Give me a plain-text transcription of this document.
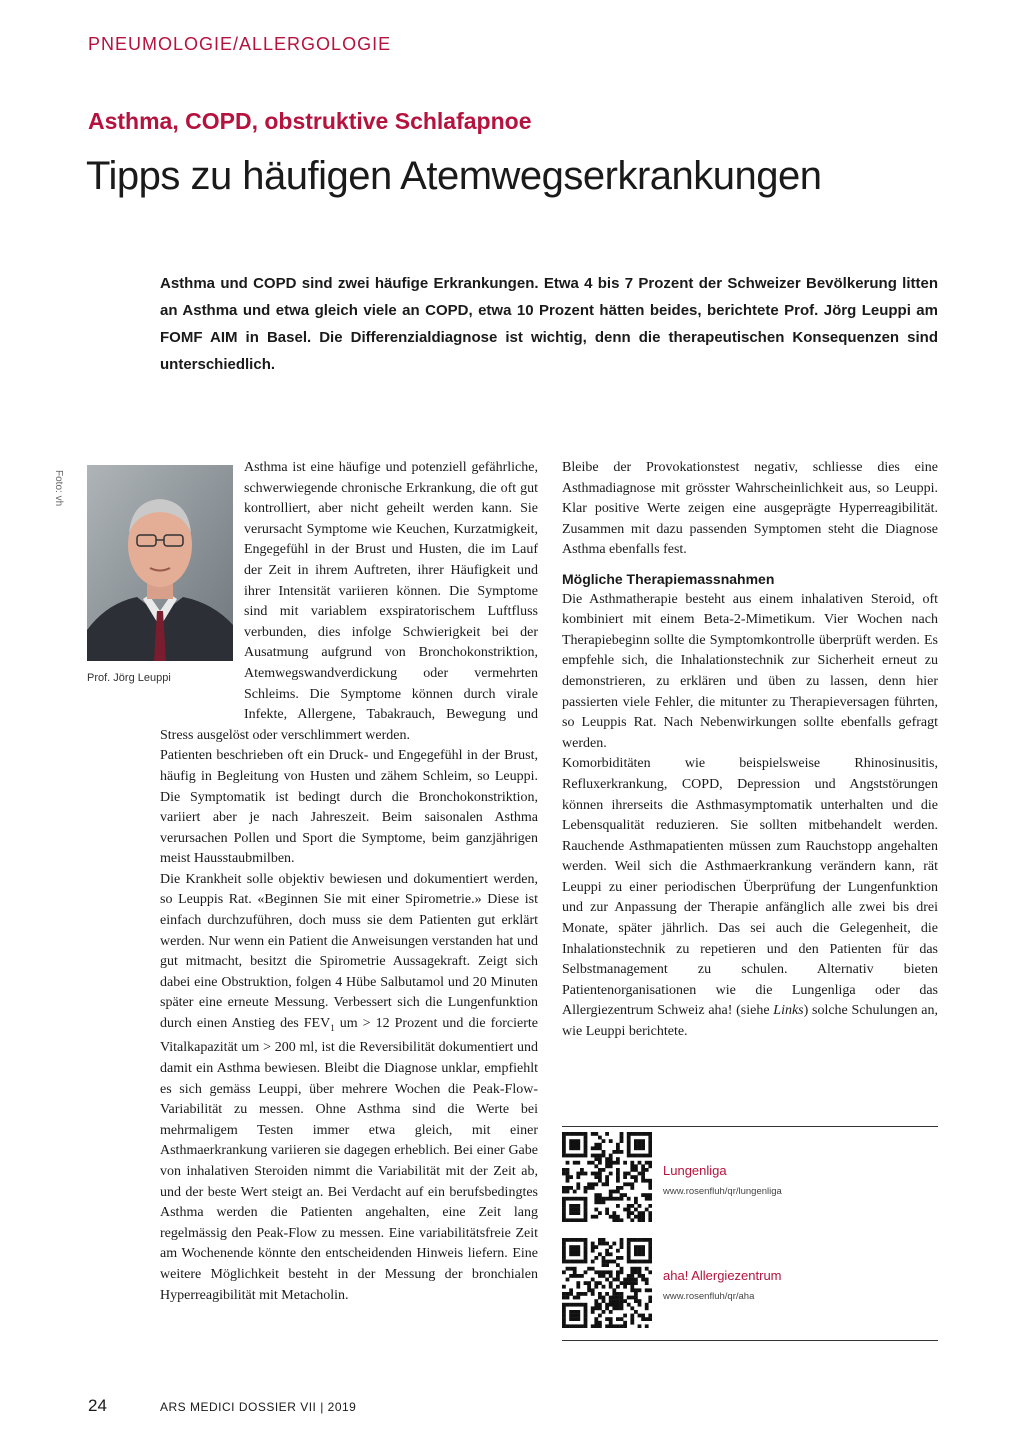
PNEUMOLOGIE/ALLERGOLOGIE
Asthma, COPD, obstruktive Schlafapnoe
Tipps zu häufigen Atemwegserkrankungen

Asthma und COPD sind zwei häufige Erkrankungen. Etwa 4 bis 7 Prozent der Schweizer Bevölkerung litten an Asthma und etwa gleich viele an COPD, etwa 10 Prozent hätten beides, berichtete Prof. Jörg Leuppi am FOMF AIM in Basel. Die Differenzialdiagnose ist wichtig, denn die therapeutischen Konsequenzen sind unterschiedlich.

Foto: vh
Prof. Jörg Leuppi

Asthma ist eine häufige und potenziell gefährliche, schwerwiegende chronische Erkrankung, die oft gut kontrolliert, aber nicht geheilt werden kann. Sie verursacht Symptome wie Keuchen, Kurzatmigkeit, Engegefühl in der Brust und Husten, die im Lauf der Zeit in ihrem Auftreten, ihrer Häufigkeit und ihrer Intensität variieren können. Die Symptome sind mit variablem exspiratorischem Luftfluss verbunden, dies infolge Schwierigkeit bei der Ausatmung aufgrund von Bronchokonstriktion, Atemwegswandverdickung oder vermehrten Schleims. Die Symptome können durch virale Infekte, Allergene, Tabakrauch, Bewegung und Stress ausgelöst oder verschlimmert werden.

Patienten beschrieben oft ein Druck- und Engegefühl in der Brust, häufig in Begleitung von Husten und zähem Schleim, so Leuppi. Die Symptomatik ist bedingt durch die Bronchokonstriktion, variiert aber je nach Jahreszeit. Beim saisonalen Asthma verursachen Pollen und Sport die Symptome, beim ganzjährigen meist Hausstaubmilben.

Die Krankheit solle objektiv bewiesen und dokumentiert werden, so Leuppis Rat. «Beginnen Sie mit einer Spirometrie.» Diese ist einfach durchzuführen, doch muss sie dem Patienten gut erklärt werden. Nur wenn ein Patient die Anweisungen verstanden hat und gut mitmacht, besitzt die Spirometrie Aussagekraft. Zeigt sich dabei eine Obstruktion, folgen 4 Hübe Salbutamol und 20 Minuten später eine erneute Messung. Verbessert sich die Lungenfunktion durch einen Anstieg des $FEV_1$ um > 12 Prozent und die forcierte Vitalkapazität um > 200 ml, ist die Reversibilität dokumentiert und damit ein Asthma bewiesen. Bleibt die Diagnose unklar, empfiehlt es sich gemäss Leuppi, über mehrere Wochen die Peak-Flow-Variabilität zu messen. Ohne Asthma sind die Werte bei mehrmaligem Testen immer etwa gleich, mit einer Asthmaerkrankung variieren sie dagegen erheblich. Bei einer Gabe von inhalativen Steroiden nimmt die Variabilität mit der Zeit ab, und der beste Wert steigt an. Bei Verdacht auf ein berufsbedingtes Asthma werden die Patienten angehalten, eine Zeit lang regelmässig den Peak-Flow zu messen. Eine variabilitätsfreie Zeit am Wochenende könnte den entscheidenden Hinweis liefern. Eine weitere Möglichkeit besteht in der Messung der bronchialen Hyperreagibilität mit Metacholin.

Bleibe der Provokationstest negativ, schliesse dies eine Asthmadiagnose mit grösster Wahrscheinlichkeit aus, so Leuppi. Klar positive Werte zeigen eine ausgeprägte Hyperreagibilität. Zusammen mit dazu passenden Symptomen steht die Diagnose Asthma ebenfalls fest.

Mögliche Therapiemassnahmen

Die Asthmatherapie besteht aus einem inhalativen Steroid, oft kombiniert mit einem Beta-2-Mimetikum. Vier Wochen nach Therapiebeginn sollte die Symptomkontrolle überprüft werden. Es empfehle sich, die Inhalationstechnik zur Sicherheit erneut zu demonstrieren, zu erklären und üben zu lassen, denn hier passierten viele Fehler, die mitunter zu Therapieversagen führten, so Leuppis Rat. Nach Nebenwirkungen sollte ebenfalls gefragt werden.

Komorbiditäten wie beispielsweise Rhinosinusitis, Refluxerkrankung, COPD, Depression und Angststörungen können ihrerseits die Asthmasymptomatik unterhalten und die Lebensqualität reduzieren. Sie sollten mitbehandelt werden. Rauchende Asthmapatienten müssen zum Rauchstopp angehalten werden. Weil sich die Asthmaerkrankung verändern kann, rät Leuppi zu einer periodischen Überprüfung der Lungenfunktion und zur Anpassung der Therapie anfänglich alle zwei bis drei Monate, später jährlich. Das sei auch die Gelegenheit, die Inhalationstechnik zu repetieren und den Patienten für das Selbstmanagement zu schulen. Alternativ bieten Patientenorganisationen wie die Lungenliga oder das Allergiezentrum Schweiz aha! (siehe Links) solche Schulungen an, wie Leuppi berichtete.

Lungenliga

www.rosenfluh/qr/lungenliga

aha! Allergiezentrum

www.rosenfluh/qr/aha

24	ARS MEDICI DOSSIER VII | 2019
